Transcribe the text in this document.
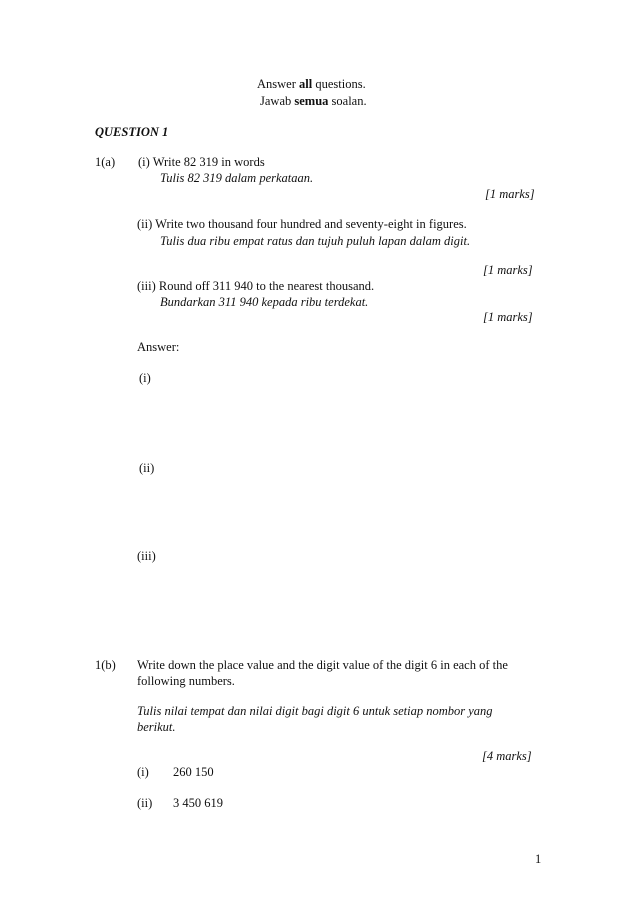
Answer all questions.
Jawab semua soalan.
QUESTION 1
1(a) (i) Write 82 319 in words
Tulis 82 319 dalam perkataan.
[1 marks]
(ii) Write two thousand four hundred and seventy-eight in figures.
Tulis dua ribu empat ratus dan tujuh puluh lapan dalam digit.
[1 marks]
(iii) Round off 311 940 to the nearest thousand.
Bundarkan 311 940 kepada ribu terdekat.
[1 marks]
Answer:
(i)
(ii)
(iii)
1(b) Write down the place value and the digit value of the digit 6 in each of the
following numbers.
Tulis nilai tempat dan nilai digit bagi digit 6 untuk setiap nombor yang
berikut.
[4 marks]
(i) 260 150
(ii) 3 450 619
1
